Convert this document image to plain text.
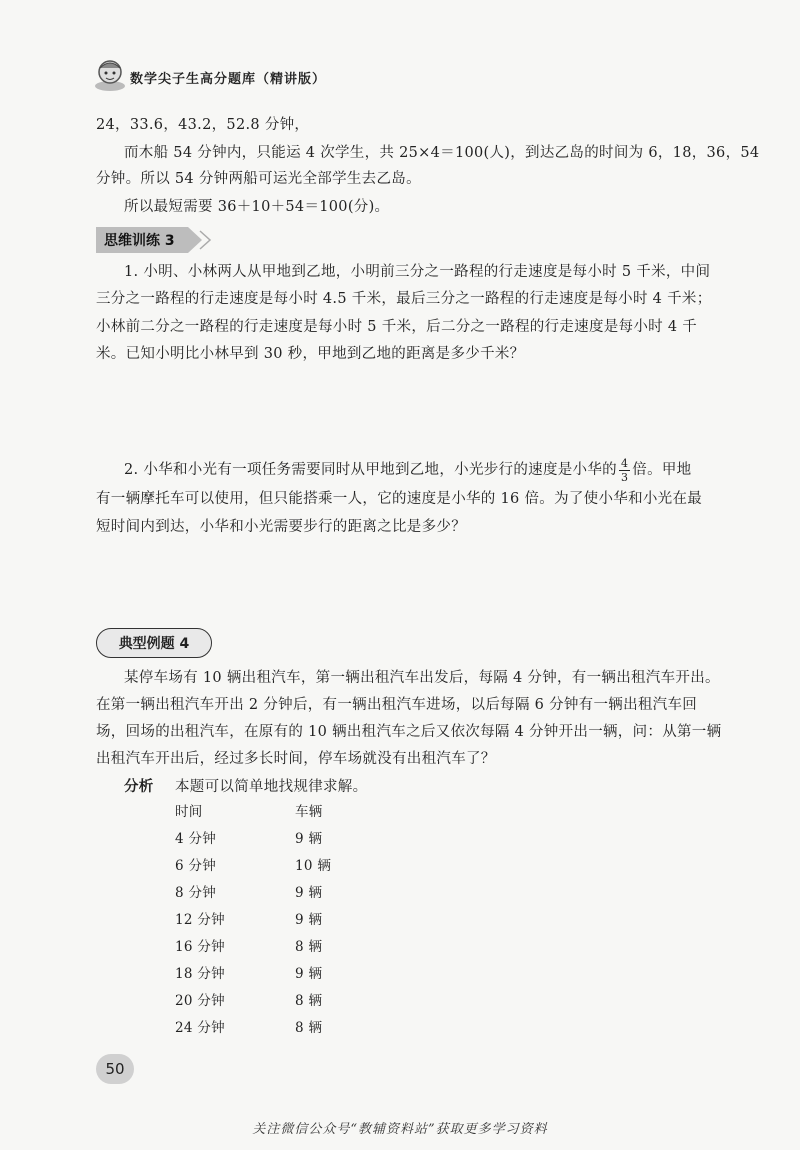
数学尖子生高分题库（精讲版）
24，33.6，43.2，52.8 分钟，
而木船 54 分钟内，只能运 4 次学生，共 25×4＝100(人)，到达乙岛的时间为 6，18，36，54
分钟。所以 54 分钟两船可运光全部学生去乙岛。
所以最短需要 36＋10＋54＝100(分)。
思维训练 3
1. 小明、小林两人从甲地到乙地，小明前三分之一路程的行走速度是每小时 5 千米，中间
三分之一路程的行走速度是每小时 4.5 千米，最后三分之一路程的行走速度是每小时 4 千米；
小林前二分之一路程的行走速度是每小时 5 千米，后二分之一路程的行走速度是每小时 4 千
米。已知小明比小林早到 30 秒，甲地到乙地的距离是多少千米？
2. 小华和小光有一项任务需要同时从甲地到乙地，小光步行的速度是小华的 $\frac{4}{3}$ 倍。甲地
有一辆摩托车可以使用，但只能搭乘一人，它的速度是小华的 16 倍。为了使小华和小光在最
短时间内到达，小华和小光需要步行的距离之比是多少？
典型例题 4
某停车场有 10 辆出租汽车，第一辆出租汽车出发后，每隔 4 分钟，有一辆出租汽车开出。
在第一辆出租汽车开出 2 分钟后，有一辆出租汽车进场，以后每隔 6 分钟有一辆出租汽车回
场，回场的出租汽车，在原有的 10 辆出租汽车之后又依次每隔 4 分钟开出一辆，问：从第一辆
出租汽车开出后，经过多长时间，停车场就没有出租汽车了？
分析 本题可以简单地找规律求解。
时间	车辆
4 分钟	9 辆
6 分钟	10 辆
8 分钟	9 辆
12 分钟	9 辆
16 分钟	8 辆
18 分钟	9 辆
20 分钟	8 辆
24 分钟	8 辆
50
关注微信公众号“教辅资料站”获取更多学习资料
